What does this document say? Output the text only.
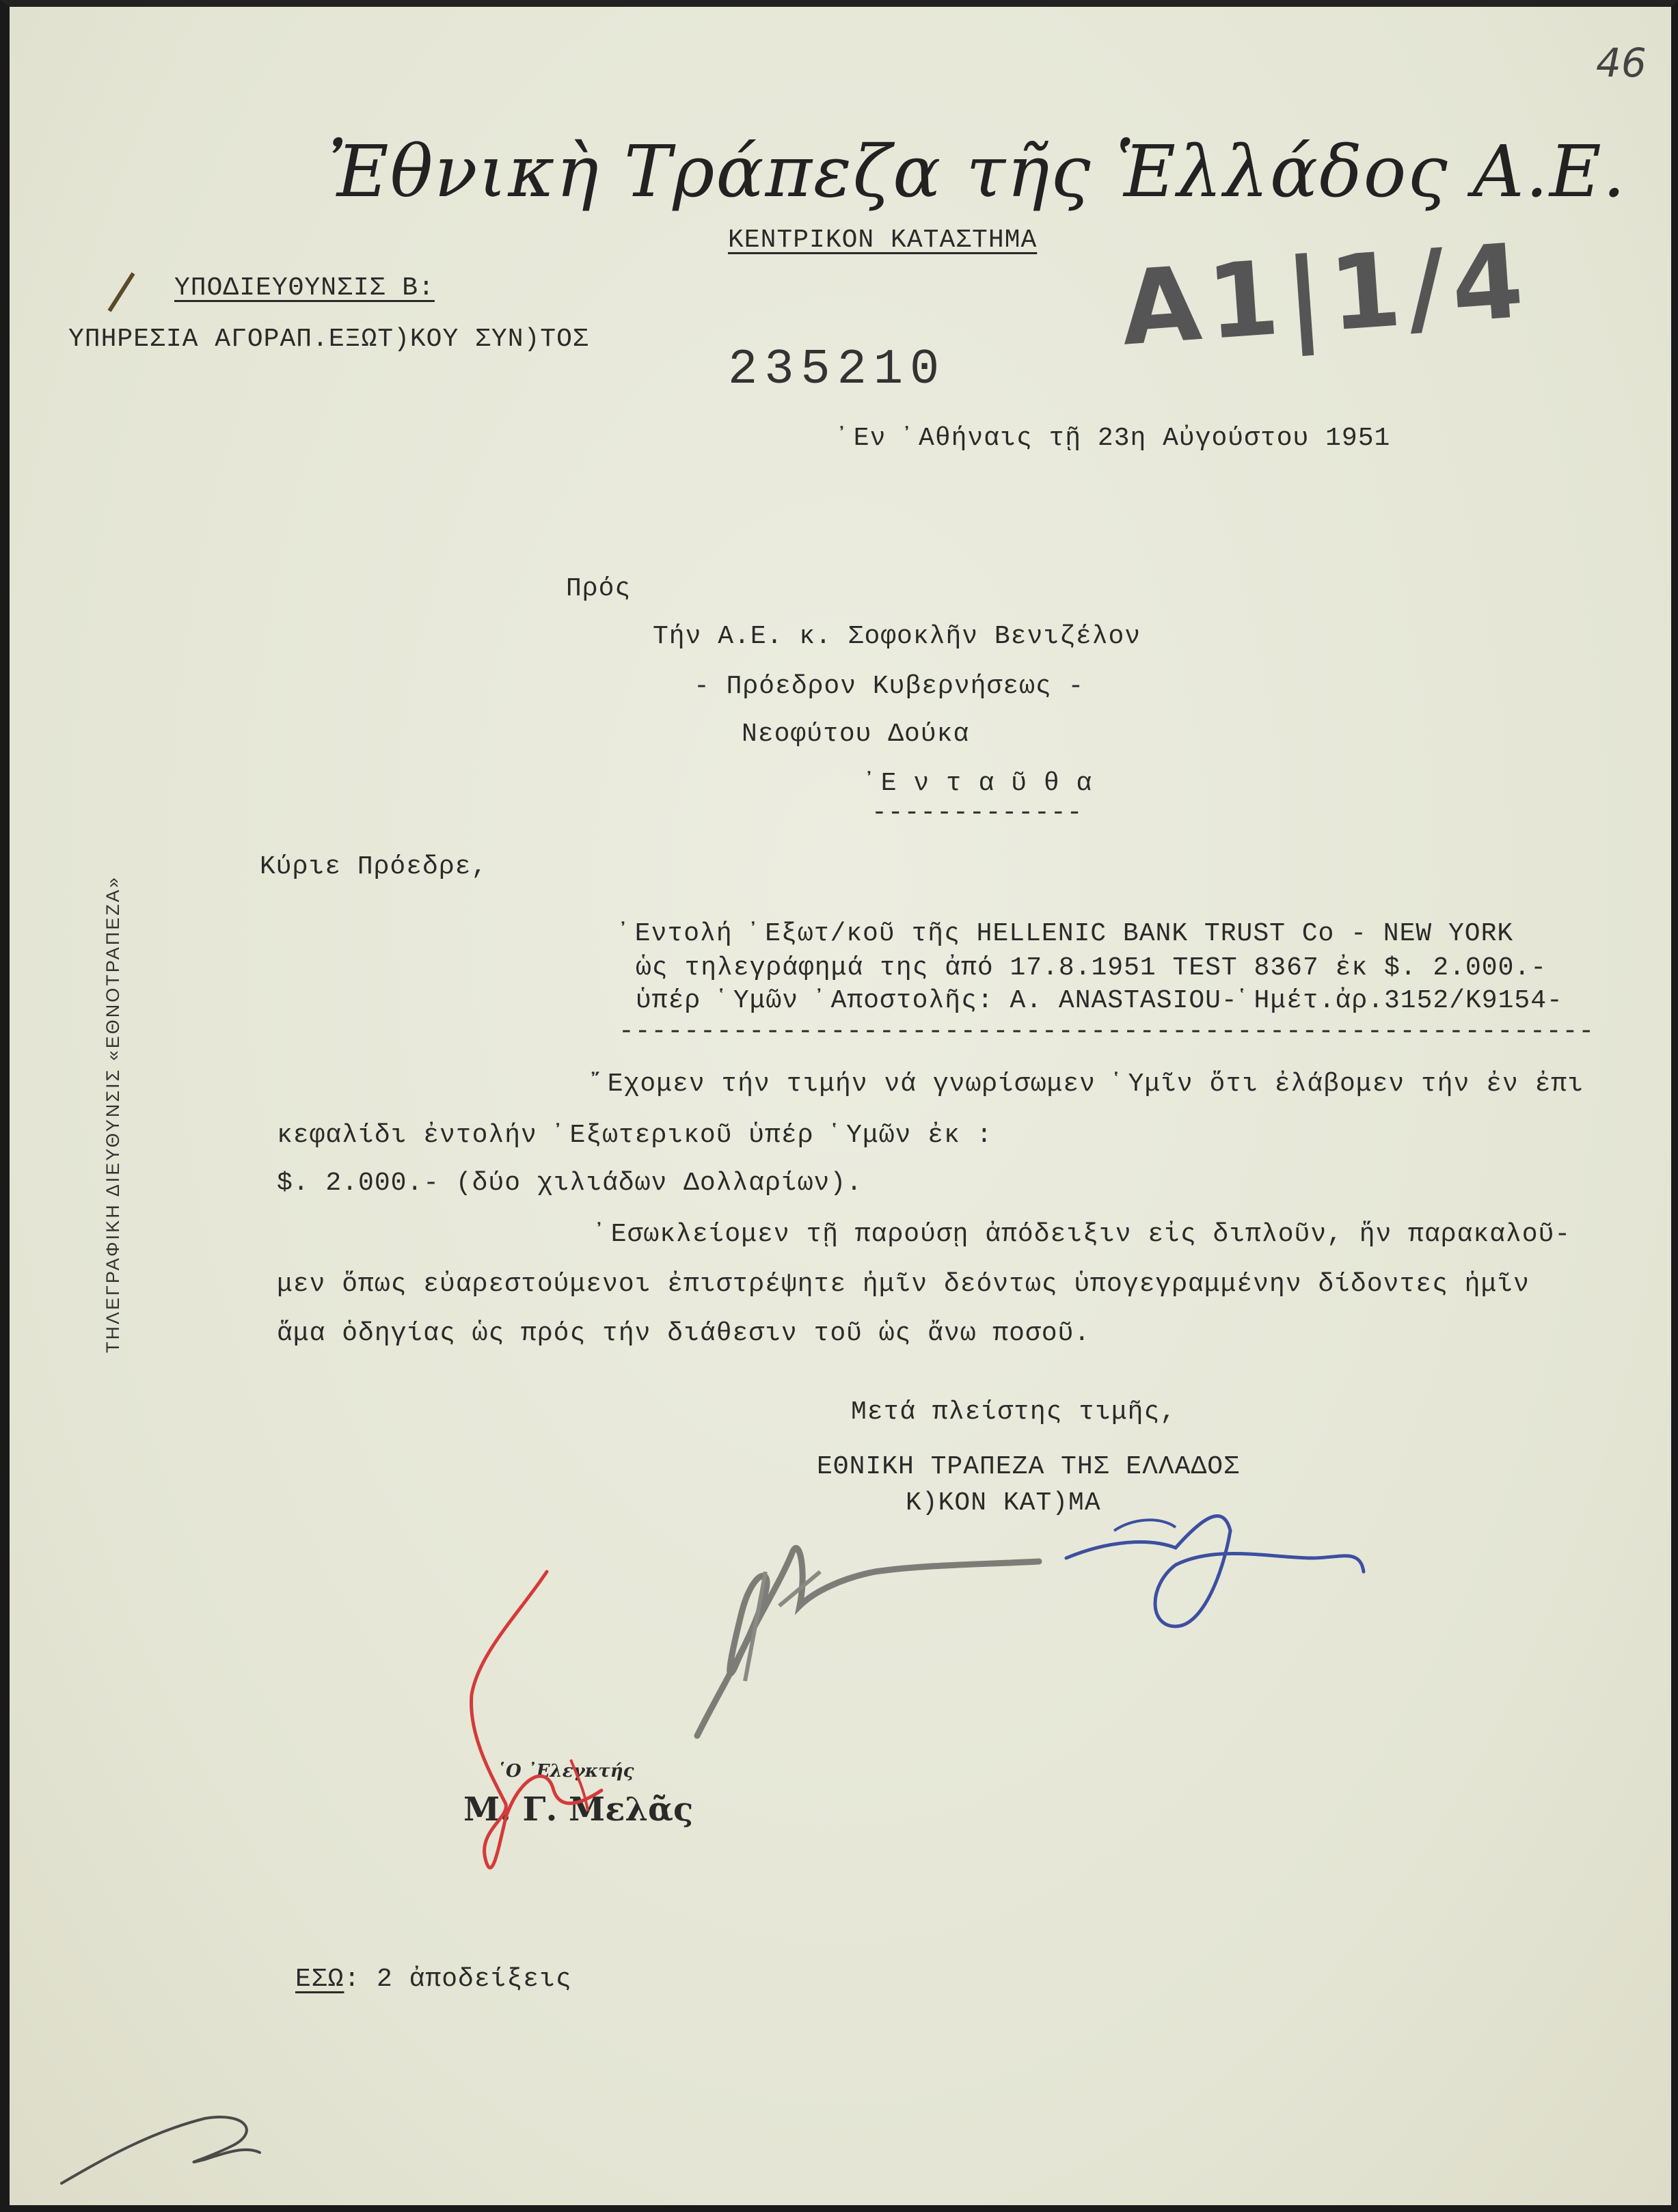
46
Ἐθνικὴ Τράπεζα τῆς Ἑλλάδος Α.Ε.
ΚΕΝΤΡΙΚΟΝ ΚΑΤΑΣΤΗΜΑ
ΥΠΟΔΙΕΥΘΥΝΣΙΣ Β:
ΥΠΗΡΕΣΙΑ ΑΓΟΡΑΠ.ΕΞΩΤ)ΚΟΥ ΣΥΝ)ΤΟΣ	Α1|1/4
235210
᾿Εν ᾿Αθήναις τῇ 23η Αὐγούστου 1951
Πρός
Τήν Α.Ε. κ. Σοφοκλῆν Βενιζέλον
- Πρόεδρον Κυβερνήσεως -
Νεοφύτου Δούκα
᾿Ε ν τ α ῦ θ α
-------------
Κύριε Πρόεδρε,
᾿Εντολή ᾿Εξωτ/κοῦ τῆς HELLENIC BANK TRUST Co - NEW YORK
ὡς τηλεγράφημά της ἀπό 17.8.1951 TEST 8367 ἐκ $. 2.000.-
ὑπέρ ῾Υμῶν ᾿Αποστολῆς: Α. ANASTASIOU-῾Ημέτ.ἀρ.3152/Κ9154-
------------------------------------------------------------
῎Εχομεν τήν τιμήν νά γνωρίσωμεν ῾Υμῖν ὅτι ἐλάβομεν τήν ἐν ἐπι
κεφαλίδι ἐντολήν ᾿Εξωτερικοῦ ὑπέρ ῾Υμῶν ἐκ :
$. 2.000.- (δύο χιλιάδων Δολλαρίων).
᾿Εσωκλείομεν τῇ παρούσῃ ἀπόδειξιν εἰς διπλοῦν, ἥν παρακαλοῦ-
μεν ὅπως εὐαρεστούμενοι ἐπιστρέψητε ἡμῖν δεόντως ὑπογεγραμμένην δίδοντες ἡμῖν
ἅμα ὁδηγίας ὡς πρός τήν διάθεσιν τοῦ ὡς ἄνω ποσοῦ.
Μετά πλείστης τιμῆς,
ΕΘΝΙΚΗ ΤΡΑΠΕΖΑ ΤΗΣ ΕΛΛΑΔΟΣ
Κ)ΚΟΝ ΚΑΤ)ΜΑ
῾Ο ᾿Ελεγκτής
Μ. Γ. Μελᾶς
ΕΣΩ: 2 ἀποδείξεις
ΤΗΛΕΓΡΑΦΙΚΗ ΔΙΕΥΘΥΝΣΙΣ «ΕΘΝΟΤΡΑΠΕΖΑ»
